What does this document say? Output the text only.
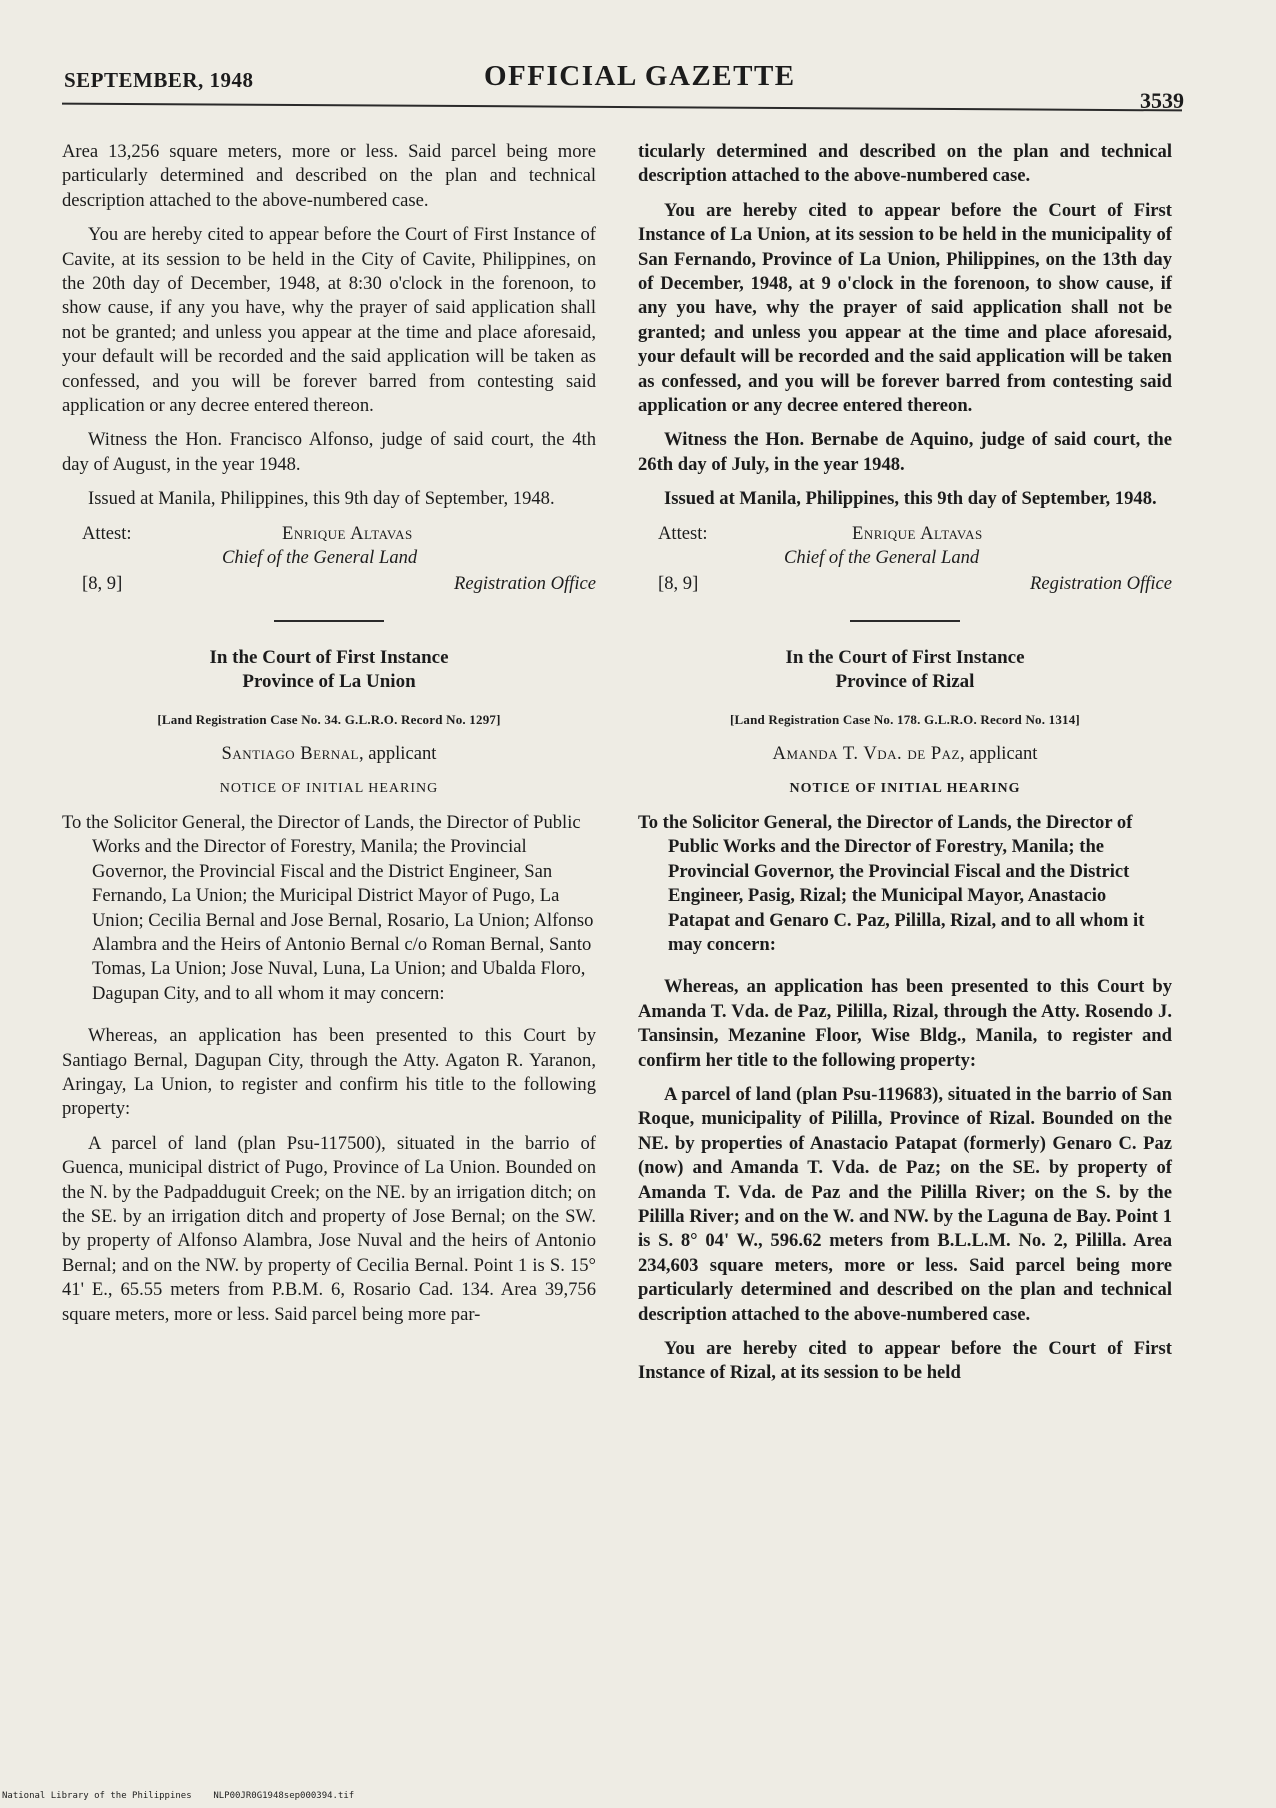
SEPTEMBER, 1948	OFFICIAL GAZETTE
3539

Area 13,256 square meters, more or less. Said parcel being more particularly determined and described on the plan and technical description attached to the above-numbered case.

You are hereby cited to appear before the Court of First Instance of Cavite, at its session to be held in the City of Cavite, Philippines, on the 20th day of December, 1948, at 8:30 o'clock in the forenoon, to show cause, if any you have, why the prayer of said application shall not be granted; and unless you appear at the time and place aforesaid, your default will be recorded and the said application will be taken as confessed, and you will be forever barred from contesting said application or any decree entered thereon.

Witness the Hon. Francisco Alfonso, judge of said court, the 4th day of August, in the year 1948.

Issued at Manila, Philippines, this 9th day of September, 1948.

Attest:	Enrique Altavas
Chief of the General Land
[8, 9]	Registration Office
In the Court of First Instance
Province of La Union
[Land Registration Case No. 34. G.L.R.O. Record No. 1297]
Santiago Bernal, applicant
NOTICE OF INITIAL HEARING
To the Solicitor General, the Director of Lands, the Director of Public Works and the Director of Forestry, Manila; the Provincial Governor, the Provincial Fiscal and the District Engineer, San Fernando, La Union; the Muricipal District Mayor of Pugo, La Union; Cecilia Bernal and Jose Bernal, Rosario, La Union; Alfonso Alambra and the Heirs of Antonio Bernal c/o Roman Bernal, Santo Tomas, La Union; Jose Nuval, Luna, La Union; and Ubalda Floro, Dagupan City, and to all whom it may concern:

Whereas, an application has been presented to this Court by Santiago Bernal, Dagupan City, through the Atty. Agaton R. Yaranon, Aringay, La Union, to register and confirm his title to the following property:

A parcel of land (plan Psu-117500), situated in the barrio of Guenca, municipal district of Pugo, Province of La Union. Bounded on the N. by the Padpadduguit Creek; on the NE. by an irrigation ditch; on the SE. by an irrigation ditch and property of Jose Bernal; on the SW. by property of Alfonso Alambra, Jose Nuval and the heirs of Antonio Bernal; and on the NW. by property of Cecilia Bernal. Point 1 is S. 15° 41' E., 65.55 meters from P.B.M. 6, Rosario Cad. 134. Area 39,756 square meters, more or less. Said parcel being more par-

ticularly determined and described on the plan and technical description attached to the above-numbered case.

You are hereby cited to appear before the Court of First Instance of La Union, at its session to be held in the municipality of San Fernando, Province of La Union, Philippines, on the 13th day of December, 1948, at 9 o'clock in the forenoon, to show cause, if any you have, why the prayer of said application shall not be granted; and unless you appear at the time and place aforesaid, your default will be recorded and the said application will be taken as confessed, and you will be forever barred from contesting said application or any decree entered thereon.

Witness the Hon. Bernabe de Aquino, judge of said court, the 26th day of July, in the year 1948.

Issued at Manila, Philippines, this 9th day of September, 1948.

Attest:	Enrique Altavas
Chief of the General Land
[8, 9]	Registration Office
In the Court of First Instance
Province of Rizal
[Land Registration Case No. 178. G.L.R.O. Record No. 1314]
Amanda T. Vda. de Paz, applicant
NOTICE OF INITIAL HEARING
To the Solicitor General, the Director of Lands, the Director of Public Works and the Director of Forestry, Manila; the Provincial Governor, the Provincial Fiscal and the District Engineer, Pasig, Rizal; the Municipal Mayor, Anastacio Patapat and Genaro C. Paz, Pililla, Rizal, and to all whom it may concern:

Whereas, an application has been presented to this Court by Amanda T. Vda. de Paz, Pililla, Rizal, through the Atty. Rosendo J. Tansinsin, Mezanine Floor, Wise Bldg., Manila, to register and confirm her title to the following property:

A parcel of land (plan Psu-119683), situated in the barrio of San Roque, municipality of Pililla, Province of Rizal. Bounded on the NE. by properties of Anastacio Patapat (formerly) Genaro C. Paz (now) and Amanda T. Vda. de Paz; on the SE. by property of Amanda T. Vda. de Paz and the Pililla River; on the S. by the Pililla River; and on the W. and NW. by the Laguna de Bay. Point 1 is S. 8° 04' W., 596.62 meters from B.L.L.M. No. 2, Pililla. Area 234,603 square meters, more or less. Said parcel being more particularly determined and described on the plan and technical description attached to the above-numbered case.

You are hereby cited to appear before the Court of First Instance of Rizal, at its session to be held

National Library of the Philippines NLP00JR0G1948sep000394.tif
